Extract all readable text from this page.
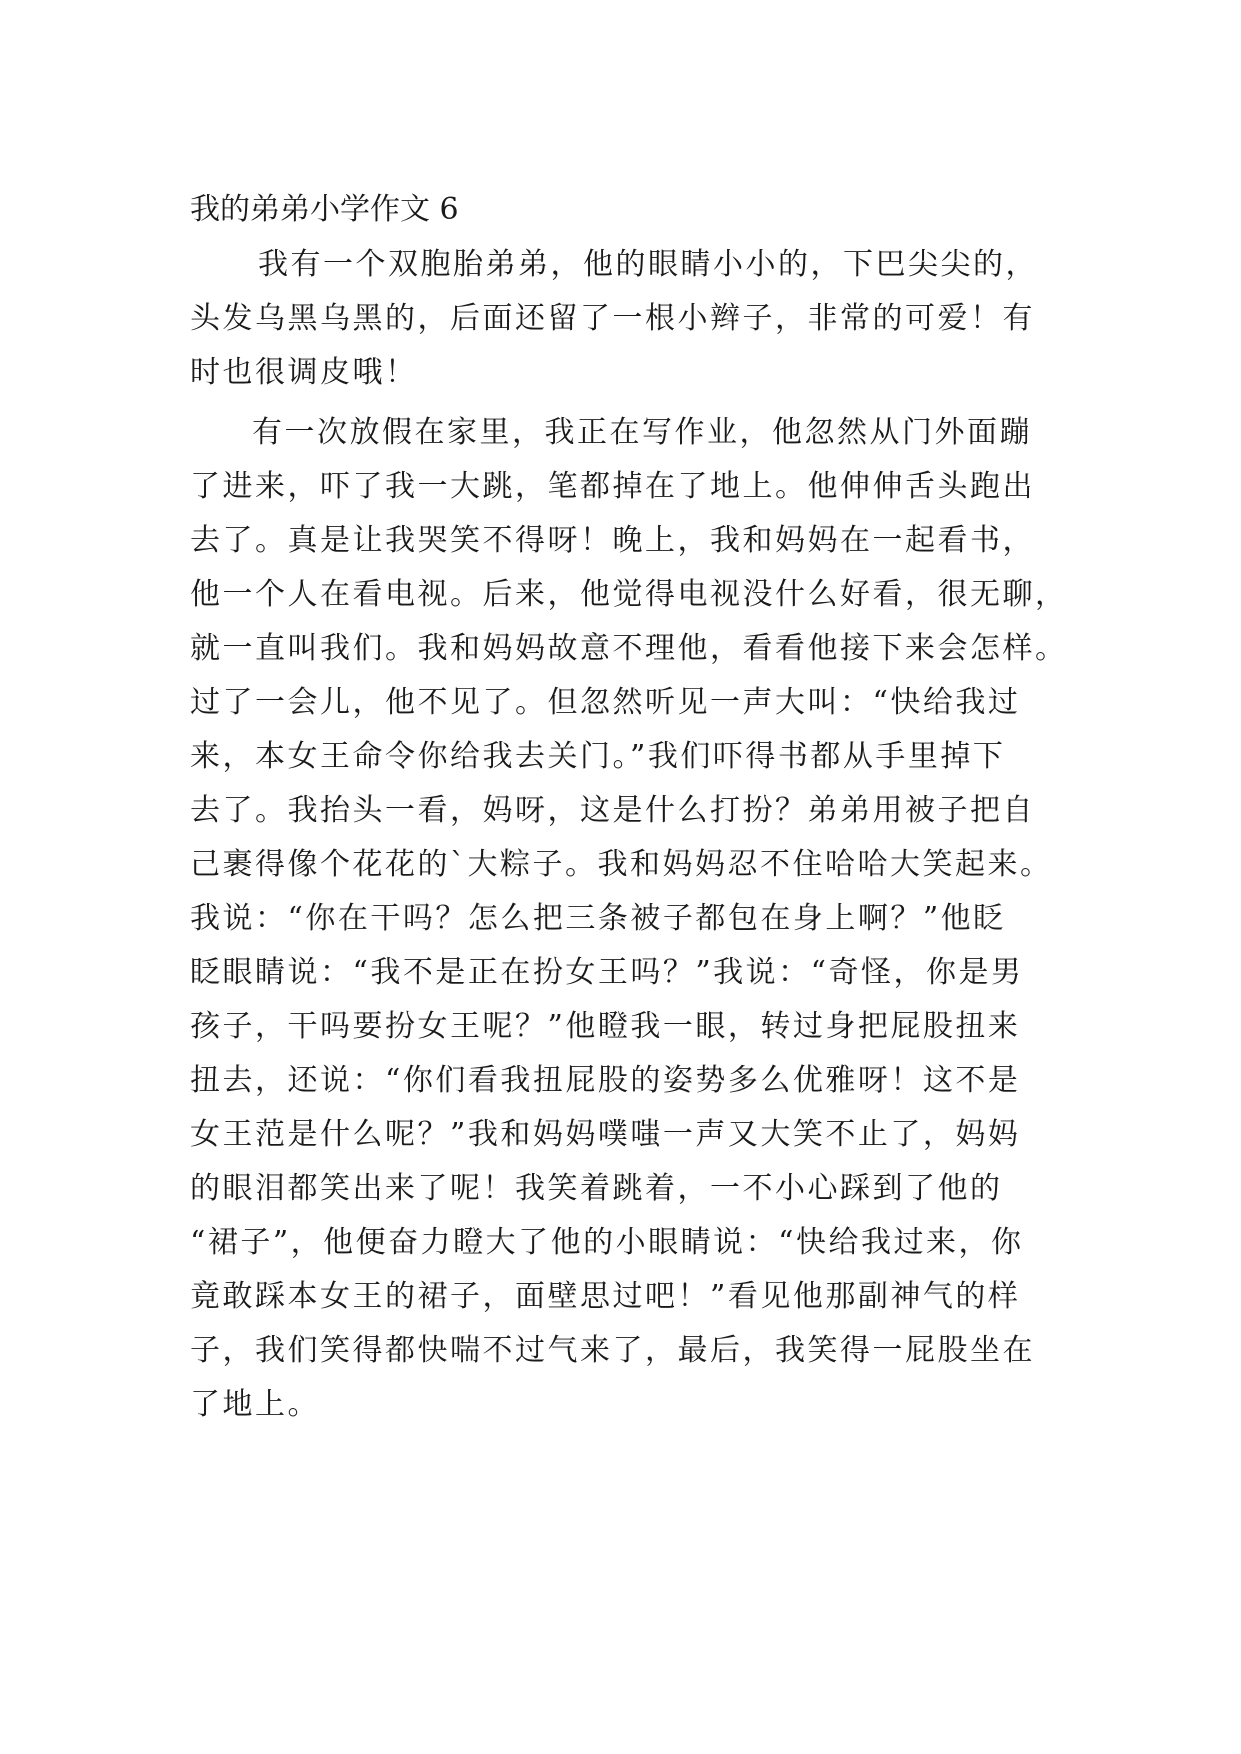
我的弟弟小学作文 6
我有一个双胞胎弟弟，他的眼睛小小的，下巴尖尖的，
头发乌黑乌黑的，后面还留了一根小辫子，非常的可爱！有
时也很调皮哦！
有一次放假在家里，我正在写作业，他忽然从门外面蹦
了进来，吓了我一大跳，笔都掉在了地上。他伸伸舌头跑出
去了。真是让我哭笑不得呀！晚上，我和妈妈在一起看书，
他一个人在看电视。后来，他觉得电视没什么好看，很无聊，
就一直叫我们。我和妈妈故意不理他，看看他接下来会怎样。
过了一会儿，他不见了。但忽然听见一声大叫：“快给我过
来，本女王命令你给我去关门。”我们吓得书都从手里掉下
去了。我抬头一看，妈呀，这是什么打扮？弟弟用被子把自
己裹得像个花花的`大粽子。我和妈妈忍不住哈哈大笑起来。
我说：“你在干吗？怎么把三条被子都包在身上啊？”他眨
眨眼睛说：“我不是正在扮女王吗？”我说：“奇怪，你是男
孩子，干吗要扮女王呢？”他瞪我一眼，转过身把屁股扭来
扭去，还说：“你们看我扭屁股的姿势多么优雅呀！这不是
女王范是什么呢？”我和妈妈噗嗤一声又大笑不止了，妈妈
的眼泪都笑出来了呢！我笑着跳着，一不小心踩到了他的
“裙子”，他便奋力瞪大了他的小眼睛说：“快给我过来，你
竟敢踩本女王的裙子，面壁思过吧！”看见他那副神气的样
子，我们笑得都快喘不过气来了，最后，我笑得一屁股坐在
了地上。
